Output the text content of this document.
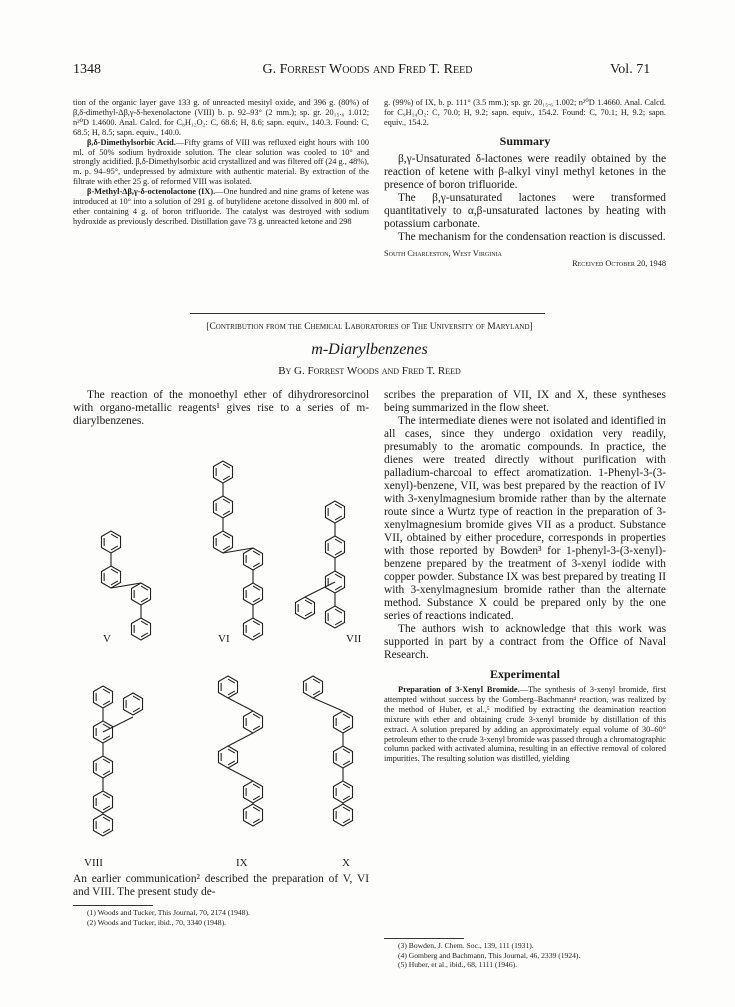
1348	G. Forrest Woods and Fred T. Reed	Vol. 71

tion of the organic layer gave 133 g. of unreacted mesityl oxide, and 396 g. (80%) of β,δ-dimethyl-Δβ,γ-δ-hexenolactone (VIII) b. p. 92–93° (2 mm.); sp. gr. 20₁₅.₆ 1.012; n²⁰D 1.4600. Anal. Calcd. for C₈H₁₂O₂: C, 68.6; H, 8.6; sapn. equiv., 140.3. Found: C, 68.5; H, 8.5; sapn. equiv., 140.0.

β,δ-Dimethylsorbic Acid.—Fifty grams of VIII was refluxed eight hours with 100 ml. of 50% sodium hydroxide solution. The clear solution was cooled to 10° and strongly acidified. β,δ-Dimethylsorbic acid crystallized and was filtered off (24 g., 48%), m. p. 94–95°, undepressed by admixture with authentic material. By extraction of the filtrate with ether 25 g. of reformed VIII was isolated.

β-Methyl-Δβ,γ-δ-octenolactone (IX).—One hundred and nine grams of ketene was introduced at 10° into a solution of 291 g. of butylidene acetone dissolved in 800 ml. of ether containing 4 g. of boron trifluoride. The catalyst was destroyed with sodium hydroxide as previously described. Distillation gave 73 g. unreacted ketone and 298

g. (99%) of IX, b. p. 111° (3.5 mm.); sp. gr. 20₁₅.₆ 1.002; n²⁰D 1.4660. Anal. Calcd. for C₉H₁₄O₂: C, 70.0; H, 9.2; sapn. equiv., 154.2. Found: C, 70.1; H, 9.2; sapn. equiv., 154.2.

Summary

β,γ-Unsaturated δ-lactones were readily obtained by the reaction of ketene with β-alkyl vinyl methyl ketones in the presence of boron trifluoride.

The β,γ-unsaturated lactones were transformed quantitatively to α,β-unsaturated lactones by heating with potassium carbonate.

The mechanism for the condensation reaction is discussed.

South Charleston, West Virginia
Received October 20, 1948
[Contribution from the Chemical Laboratories of The University of Maryland]
m-Diarylbenzenes
By G. Forrest Woods and Fred T. Reed

The reaction of the monoethyl ether of dihydroresorcinol with organo-metallic reagents¹ gives rise to a series of m-diarylbenzenes.

V	VI	VII
VIII	IX	X

An earlier communication² described the preparation of V, VI and VIII. The present study de-

(1) Woods and Tucker, This Journal, 70, 2174 (1948).

(2) Woods and Tucker, ibid., 70, 3340 (1948).

scribes the preparation of VII, IX and X, these syntheses being summarized in the flow sheet.

The intermediate dienes were not isolated and identified in all cases, since they undergo oxidation very readily, presumably to the aromatic compounds. In practice, the dienes were treated directly without purification with palladium-charcoal to effect aromatization. 1-Phenyl-3-(3-xenyl)-benzene, VII, was best prepared by the reaction of IV with 3-xenylmagnesium bromide rather than by the alternate route since a Wurtz type of reaction in the preparation of 3-xenylmagnesium bromide gives VII as a product. Substance VII, obtained by either procedure, corresponds in properties with those reported by Bowden³ for 1-phenyl-3-(3-xenyl)-benzene prepared by the treatment of 3-xenyl iodide with copper powder. Substance IX was best prepared by treating II with 3-xenylmagnesium bromide rather than the alternate method. Substance X could be prepared only by the one series of reactions indicated.

The authors wish to acknowledge that this work was supported in part by a contract from the Office of Naval Research.

Experimental

Preparation of 3-Xenyl Bromide.—The synthesis of 3-xenyl bromide, first attempted without success by the Gomberg–Bachmann⁴ reaction, was realized by the method of Huber, et al.,⁵ modified by extracting the deamination reaction mixture with ether and obtaining crude 3-xenyl bromide by distillation of this extract. A solution prepared by adding an approximately equal volume of 30–60° petroleum ether to the crude 3-xenyl bromide was passed through a chromatographic column packed with activated alumina, resulting in an effective removal of colored impurities. The resulting solution was distilled, yielding

(3) Bowden, J. Chem. Soc., 139, 111 (1931).

(4) Gomberg and Bachmann, This Journal, 46, 2339 (1924).

(5) Huber, et al., ibid., 68, 1111 (1946).
